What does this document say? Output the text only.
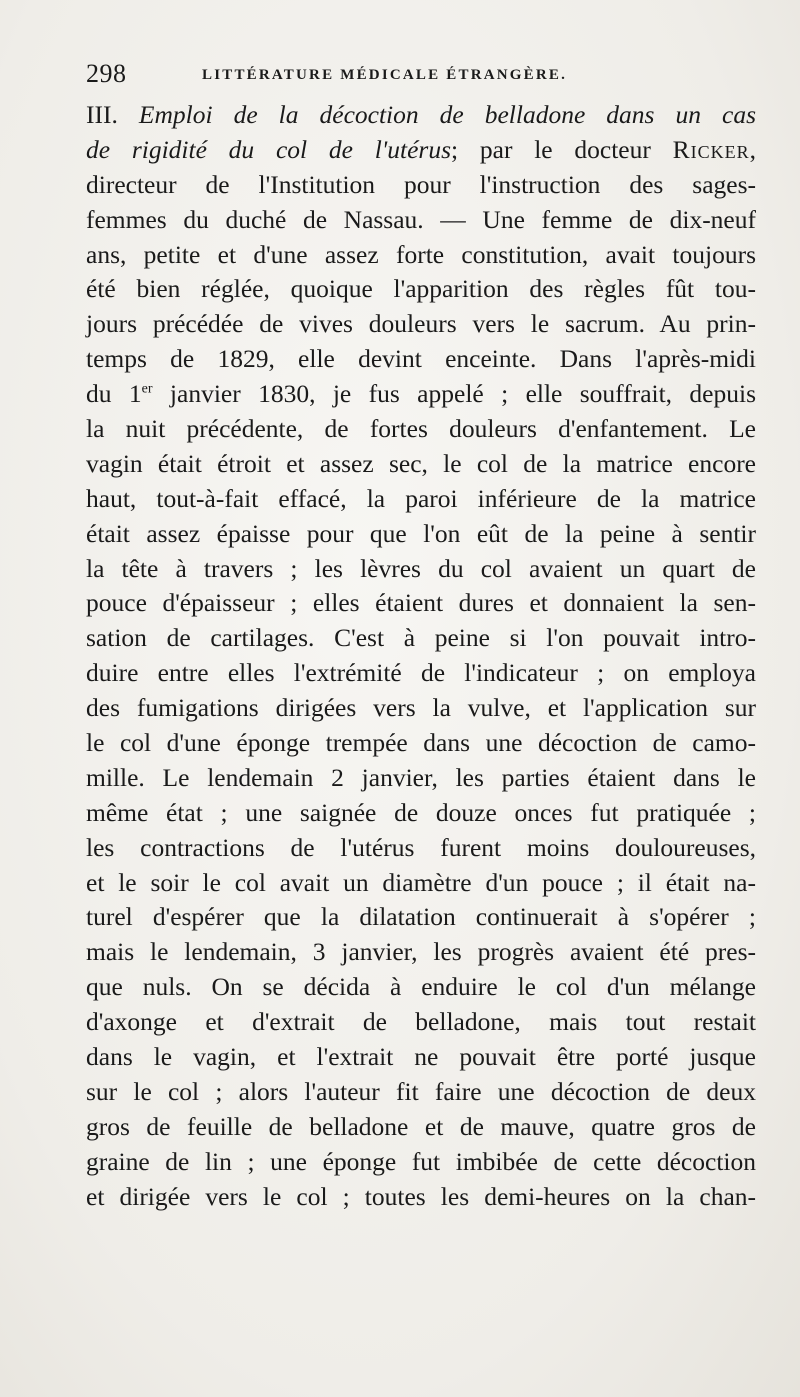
298	LITTÉRATURE MÉDICALE ÉTRANGÈRE.
III. Emploi de la décoction de belladone dans un cas
de rigidité du col de l'utérus; par le docteur Ricker,
directeur de l'Institution pour l'instruction des sages-
femmes du duché de Nassau. — Une femme de dix-neuf
ans, petite et d'une assez forte constitution, avait toujours
été bien réglée, quoique l'apparition des règles fût tou-
jours précédée de vives douleurs vers le sacrum. Au prin-
temps de 1829, elle devint enceinte. Dans l'après-midi
du 1er janvier 1830, je fus appelé ; elle souffrait, depuis
la nuit précédente, de fortes douleurs d'enfantement. Le
vagin était étroit et assez sec, le col de la matrice encore
haut, tout-à-fait effacé, la paroi inférieure de la matrice
était assez épaisse pour que l'on eût de la peine à sentir
la tête à travers ; les lèvres du col avaient un quart de
pouce d'épaisseur ; elles étaient dures et donnaient la sen-
sation de cartilages. C'est à peine si l'on pouvait intro-
duire entre elles l'extrémité de l'indicateur ; on employa
des fumigations dirigées vers la vulve, et l'application sur
le col d'une éponge trempée dans une décoction de camo-
mille. Le lendemain 2 janvier, les parties étaient dans le
même état ; une saignée de douze onces fut pratiquée ;
les contractions de l'utérus furent moins douloureuses,
et le soir le col avait un diamètre d'un pouce ; il était na-
turel d'espérer que la dilatation continuerait à s'opérer ;
mais le lendemain, 3 janvier, les progrès avaient été pres-
que nuls. On se décida à enduire le col d'un mélange
d'axonge et d'extrait de belladone, mais tout restait
dans le vagin, et l'extrait ne pouvait être porté jusque
sur le col ; alors l'auteur fit faire une décoction de deux
gros de feuille de belladone et de mauve, quatre gros de
graine de lin ; une éponge fut imbibée de cette décoction
et dirigée vers le col ; toutes les demi-heures on la chan-
